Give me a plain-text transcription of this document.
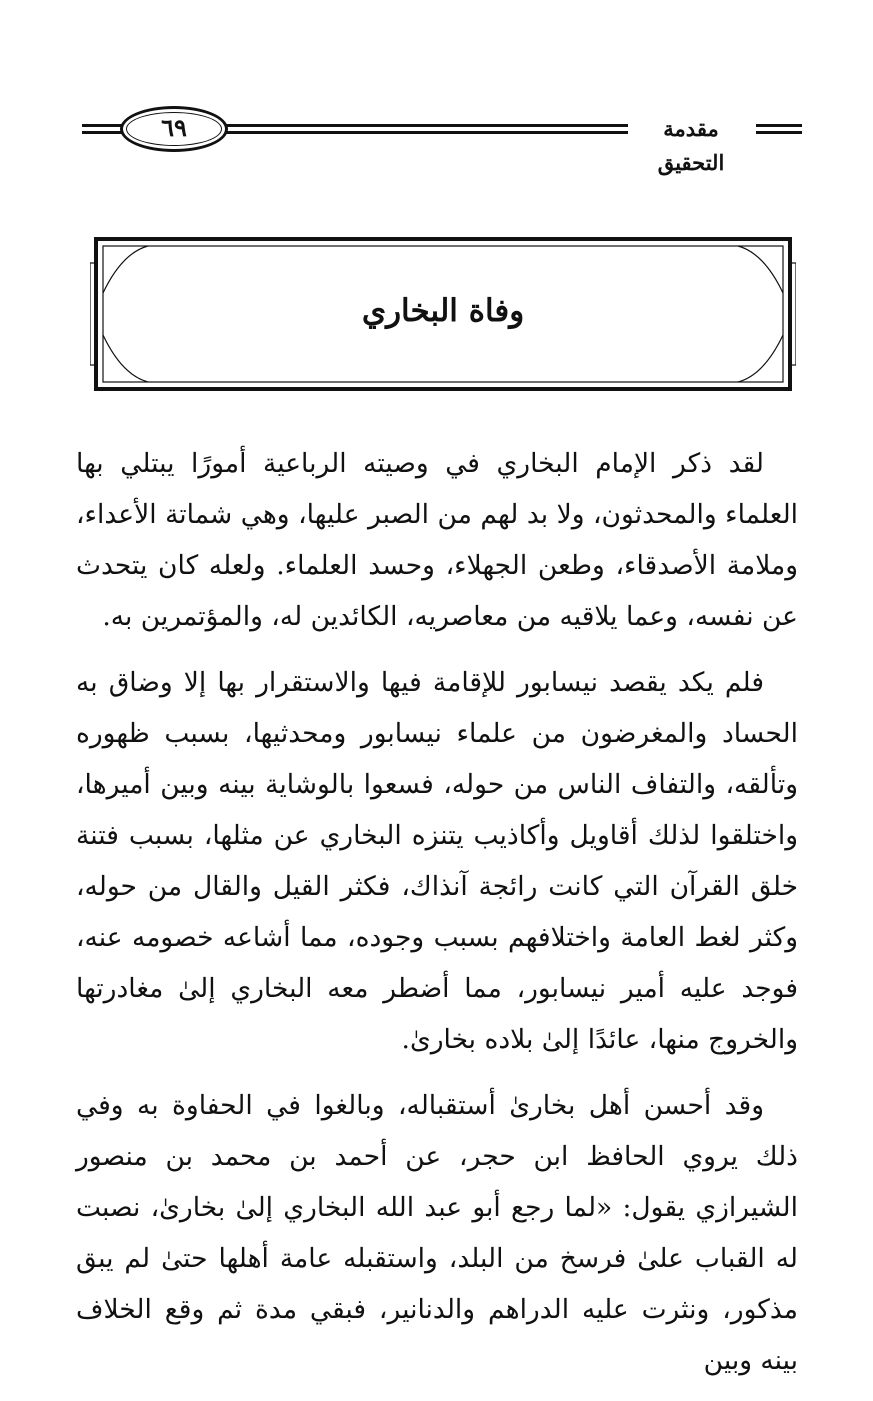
٦٩	مقدمة التحقيق
وفاة البخاري

لقد ذكر الإمام البخاري في وصيته الرباعية أمورًا يبتلي بها العلماء والمحدثون، ولا بد لهم من الصبر عليها، وهي شماتة الأعداء، وملامة الأصدقاء، وطعن الجهلاء، وحسد العلماء. ولعله كان يتحدث عن نفسه، وعما يلاقيه من معاصريه، الكائدين له، والمؤتمرين به.

فلم يكد يقصد نيسابور للإقامة فيها والاستقرار بها إلا وضاق به الحساد والمغرضون من علماء نيسابور ومحدثيها، بسبب ظهوره وتألقه، والتفاف الناس من حوله، فسعوا بالوشاية بينه وبين أميرها، واختلقوا لذلك أقاويل وأكاذيب يتنزه البخاري عن مثلها، بسبب فتنة خلق القرآن التي كانت رائجة آنذاك، فكثر القيل والقال من حوله، وكثر لغط العامة واختلافهم بسبب وجوده، مما أشاعه خصومه عنه، فوجد عليه أمير نيسابور، مما أضطر معه البخاري إلىٰ مغادرتها والخروج منها، عائدًا إلىٰ بلاده بخارىٰ.

وقد أحسن أهل بخارىٰ أستقباله، وبالغوا في الحفاوة به وفي ذلك يروي الحافظ ابن حجر، عن أحمد بن محمد بن منصور الشيرازي يقول: «لما رجع أبو عبد الله البخاري إلىٰ بخارىٰ، نصبت له القباب علىٰ فرسخ من البلد، واستقبله عامة أهلها حتىٰ لم يبق مذكور، ونثرت عليه الدراهم والدنانير، فبقي مدة ثم وقع الخلاف بينه وبين
